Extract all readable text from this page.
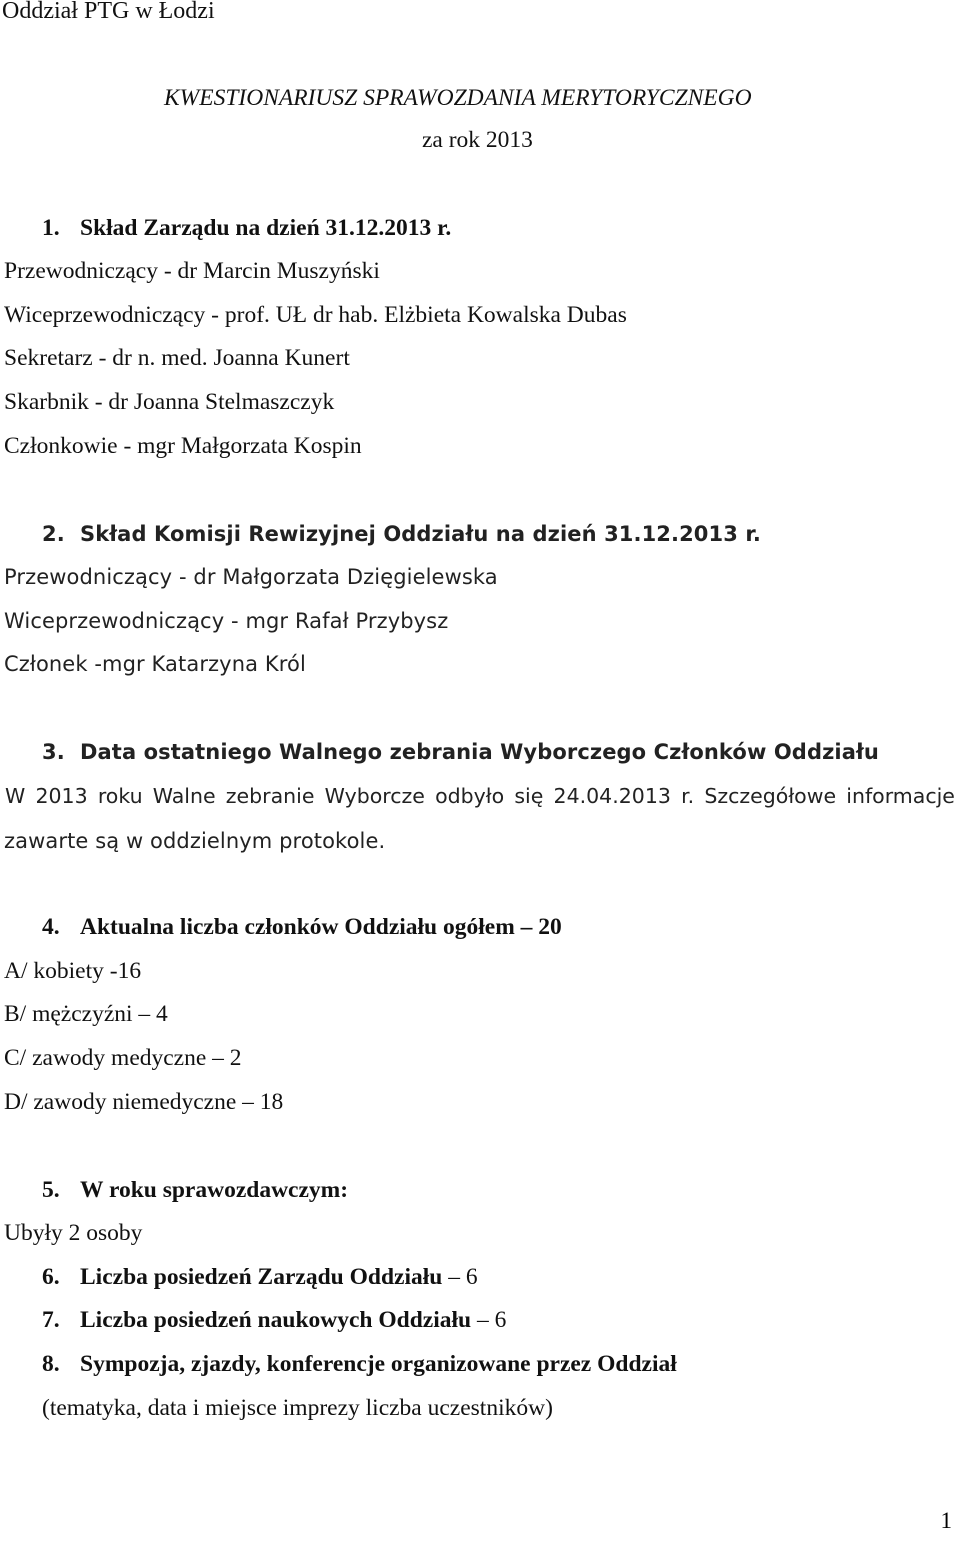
Oddział PTG w Łodzi
KWESTIONARIUSZ SPRAWOZDANIA MERYTORYCZNEGO
za rok 2013
1. Skład Zarządu na dzień 31.12.2013 r.
Przewodniczący - dr Marcin Muszyński
Wiceprzewodniczący - prof. UŁ dr hab. Elżbieta Kowalska Dubas
Sekretarz - dr n. med. Joanna Kunert
Skarbnik - dr Joanna Stelmaszczyk
Członkowie - mgr Małgorzata Kospin
2. Skład Komisji Rewizyjnej Oddziału na dzień 31.12.2013 r.
Przewodniczący - dr Małgorzata Dzięgielewska
Wiceprzewodniczący - mgr Rafał Przybysz
Członek -mgr Katarzyna Król
3. Data ostatniego Walnego zebrania Wyborczego Członków Oddziału
W 2013 roku Walne zebranie Wyborcze odbyło się 24.04.2013 r. Szczegółowe informacje
zawarte są w oddzielnym protokole.
4. Aktualna liczba członków Oddziału ogółem – 20
A/ kobiety -16
B/ mężczyźni – 4
C/ zawody medyczne – 2
D/ zawody niemedyczne – 18
5. W roku sprawozdawczym:
Ubyły 2 osoby
6. Liczba posiedzeń Zarządu Oddziału – 6
7. Liczba posiedzeń naukowych Oddziału – 6
8. Sympozja, zjazdy, konferencje organizowane przez Oddział
(tematyka, data i miejsce imprezy liczba uczestników)
1
